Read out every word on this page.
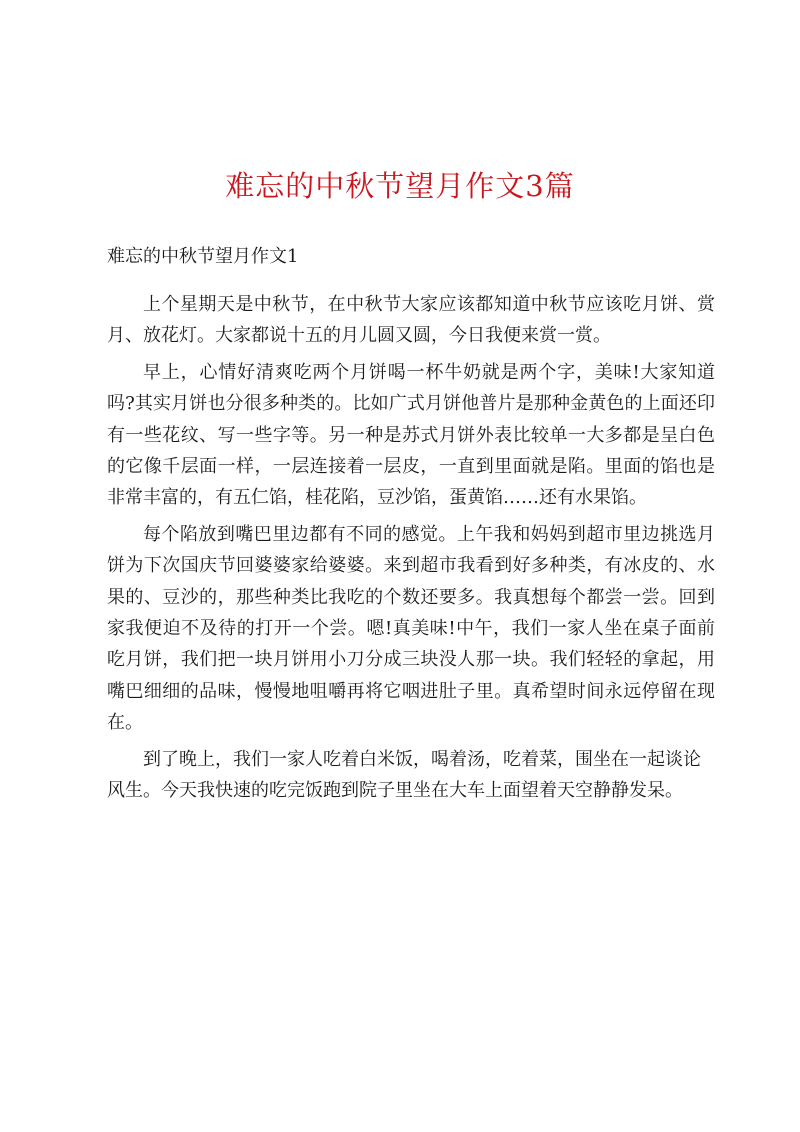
难忘的中秋节望月作文3篇
难忘的中秋节望月作文1

上个星期天是中秋节，在中秋节大家应该都知道中秋节应该吃月饼、赏月、放花灯。大家都说十五的月儿圆又圆，今日我便来赏一赏。

早上，心情好清爽吃两个月饼喝一杯牛奶就是两个字，美味!大家知道吗?其实月饼也分很多种类的。比如广式月饼他普片是那种金黄色的上面还印有一些花纹、写一些字等。另一种是苏式月饼外表比较单一大多都是呈白色的它像千层面一样，一层连接着一层皮，一直到里面就是陷。里面的馅也是非常丰富的，有五仁馅，桂花陷，豆沙馅，蛋黄馅……还有水果馅。

每个陷放到嘴巴里边都有不同的感觉。上午我和妈妈到超市里边挑选月饼为下次国庆节回婆婆家给婆婆。来到超市我看到好多种类，有冰皮的、水果的、豆沙的，那些种类比我吃的个数还要多。我真想每个都尝一尝。回到家我便迫不及待的打开一个尝。嗯!真美味!中午，我们一家人坐在桌子面前吃月饼，我们把一块月饼用小刀分成三块没人那一块。我们轻轻的拿起，用嘴巴细细的品味，慢慢地咀嚼再将它咽进肚子里。真希望时间永远停留在现在。

到了晚上，我们一家人吃着白米饭，喝着汤，吃着菜，围坐在一起谈论风生。今天我快速的吃完饭跑到院子里坐在大车上面望着天空静静发呆。
